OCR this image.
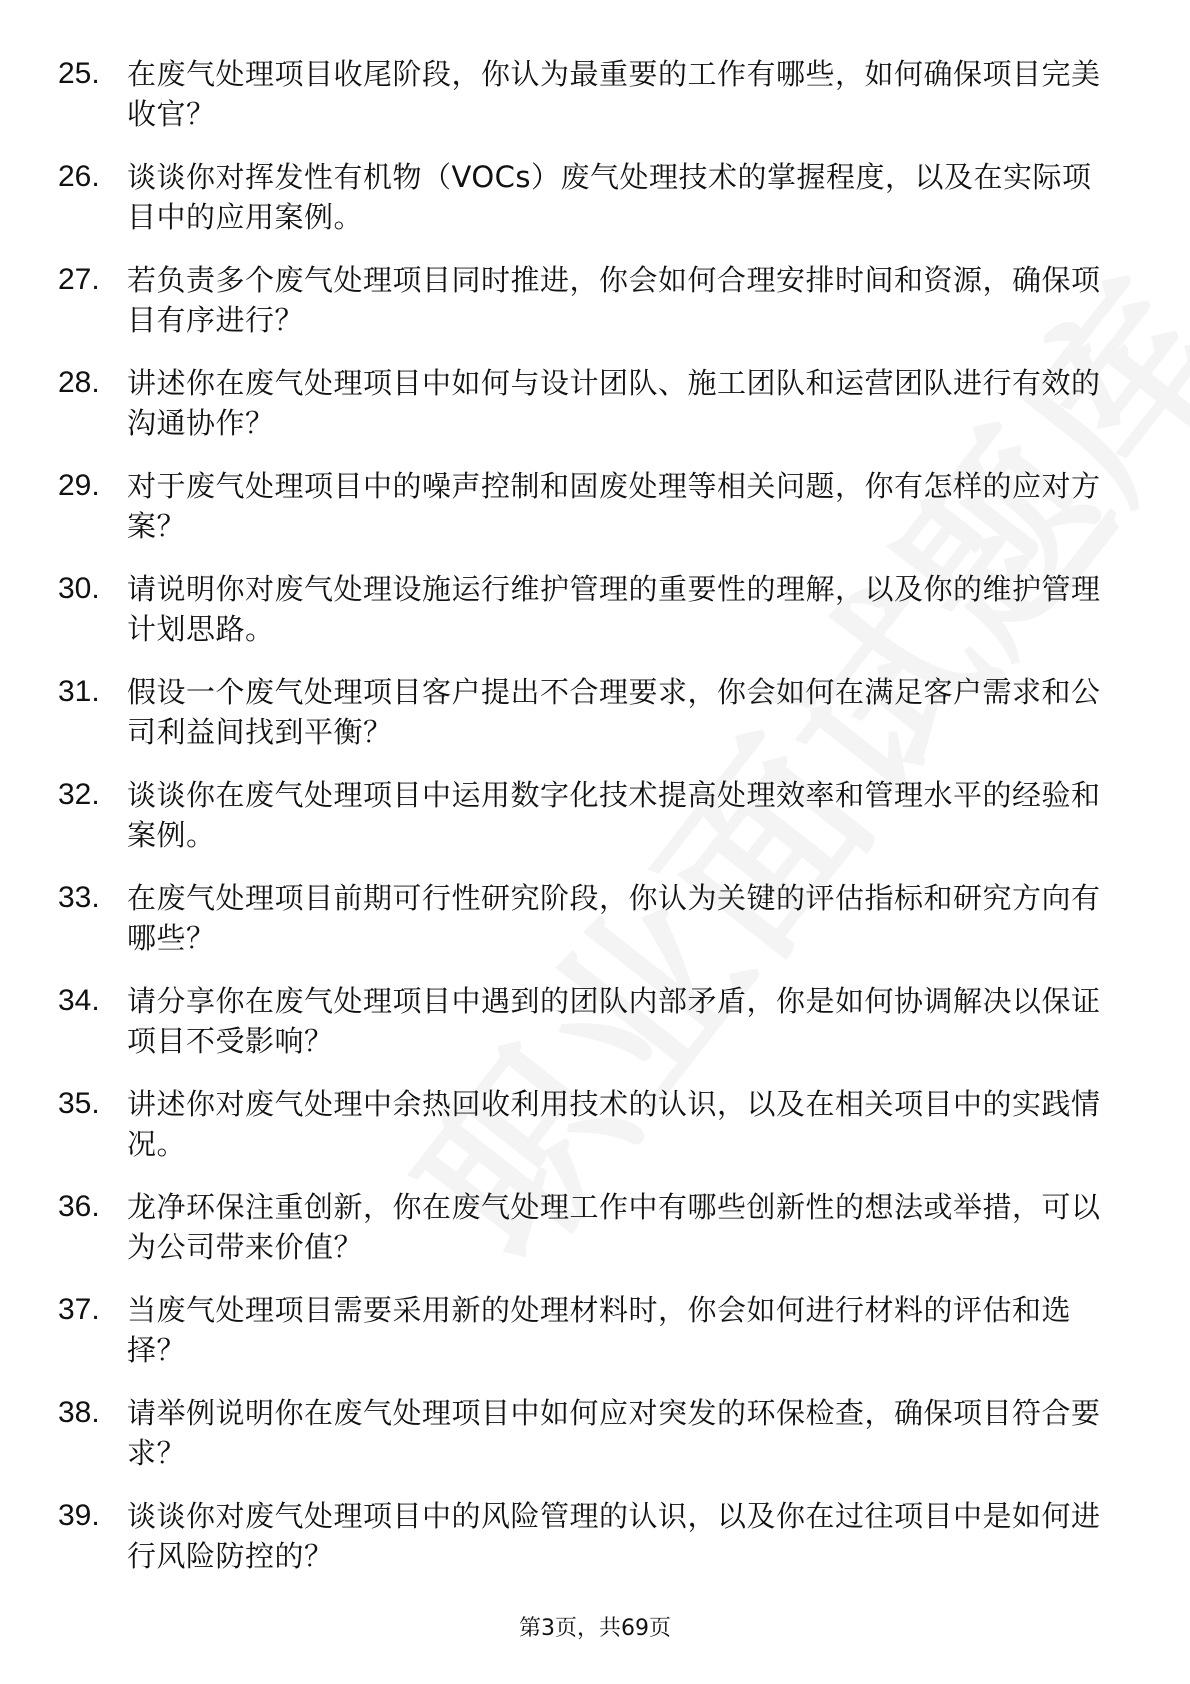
25. 在废气处理项目收尾阶段，你认为最重要的工作有哪些，如何确保项目完美收官？
26. 谈谈你对挥发性有机物（VOCs）废气处理技术的掌握程度，以及在实际项目中的应用案例。
27. 若负责多个废气处理项目同时推进，你会如何合理安排时间和资源，确保项目有序进行？
28. 讲述你在废气处理项目中如何与设计团队、施工团队和运营团队进行有效的沟通协作？
29. 对于废气处理项目中的噪声控制和固废处理等相关问题，你有怎样的应对方案？
30. 请说明你对废气处理设施运行维护管理的重要性的理解，以及你的维护管理计划思路。
31. 假设一个废气处理项目客户提出不合理要求，你会如何在满足客户需求和公司利益间找到平衡？
32. 谈谈你在废气处理项目中运用数字化技术提高处理效率和管理水平的经验和案例。
33. 在废气处理项目前期可行性研究阶段，你认为关键的评估指标和研究方向有哪些？
34. 请分享你在废气处理项目中遇到的团队内部矛盾，你是如何协调解决以保证项目不受影响？
35. 讲述你对废气处理中余热回收利用技术的认识，以及在相关项目中的实践情况。
36. 龙净环保注重创新，你在废气处理工作中有哪些创新性的想法或举措，可以为公司带来价值？
37. 当废气处理项目需要采用新的处理材料时，你会如何进行材料的评估和选择？
38. 请举例说明你在废气处理项目中如何应对突发的环保检查，确保项目符合要求？
39. 谈谈你对废气处理项目中的风险管理的认识，以及你在过往项目中是如何进行风险防控的？
第3页，共69页
